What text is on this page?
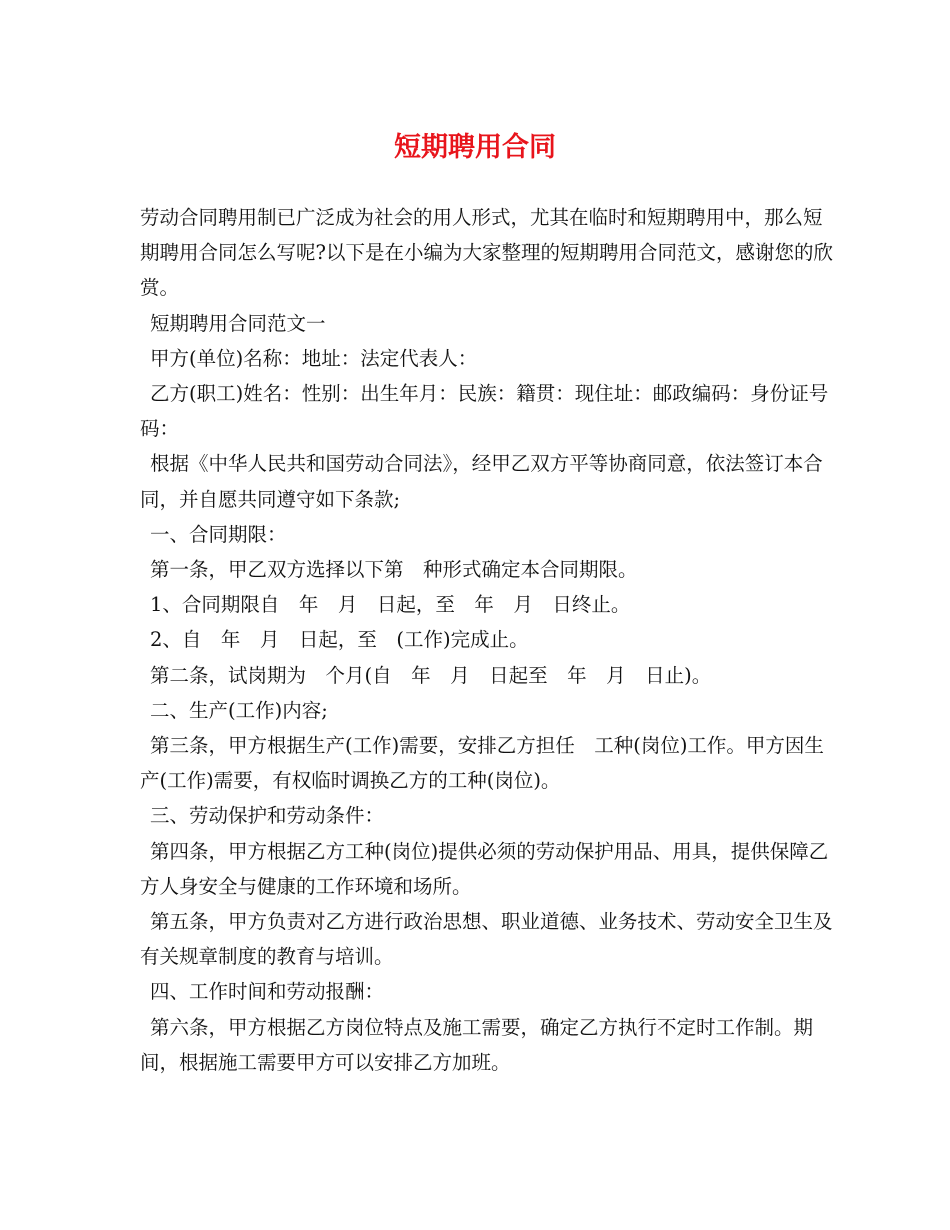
短期聘用合同

劳动合同聘用制已广泛成为社会的用人形式，尤其在临时和短期聘用中，那么短期聘用合同怎么写呢?以下是在小编为大家整理的短期聘用合同范文，感谢您的欣赏。

短期聘用合同范文一

甲方(单位)名称：地址：法定代表人：

乙方(职工)姓名：性别：出生年月：民族：籍贯：现住址：邮政编码：身份证号码：

根据《中华人民共和国劳动合同法》，经甲乙双方平等协商同意，依法签订本合同，并自愿共同遵守如下条款;

一、合同期限：

第一条，甲乙双方选择以下第　种形式确定本合同期限。

1、合同期限自　年　月　日起，至　年　月　日终止。

2、自　年　月　日起，至　(工作)完成止。

第二条，试岗期为　个月(自　年　月　日起至　年　月　日止)。

二、生产(工作)内容;

第三条，甲方根据生产(工作)需要，安排乙方担任　工种(岗位)工作。甲方因生产(工作)需要，有权临时调换乙方的工种(岗位)。

三、劳动保护和劳动条件：

第四条，甲方根据乙方工种(岗位)提供必须的劳动保护用品、用具，提供保障乙方人身安全与健康的工作环境和场所。

第五条，甲方负责对乙方进行政治思想、职业道德、业务技术、劳动安全卫生及有关规章制度的教育与培训。

四、工作时间和劳动报酬：

第六条，甲方根据乙方岗位特点及施工需要，确定乙方执行不定时工作制。期间，根据施工需要甲方可以安排乙方加班。
